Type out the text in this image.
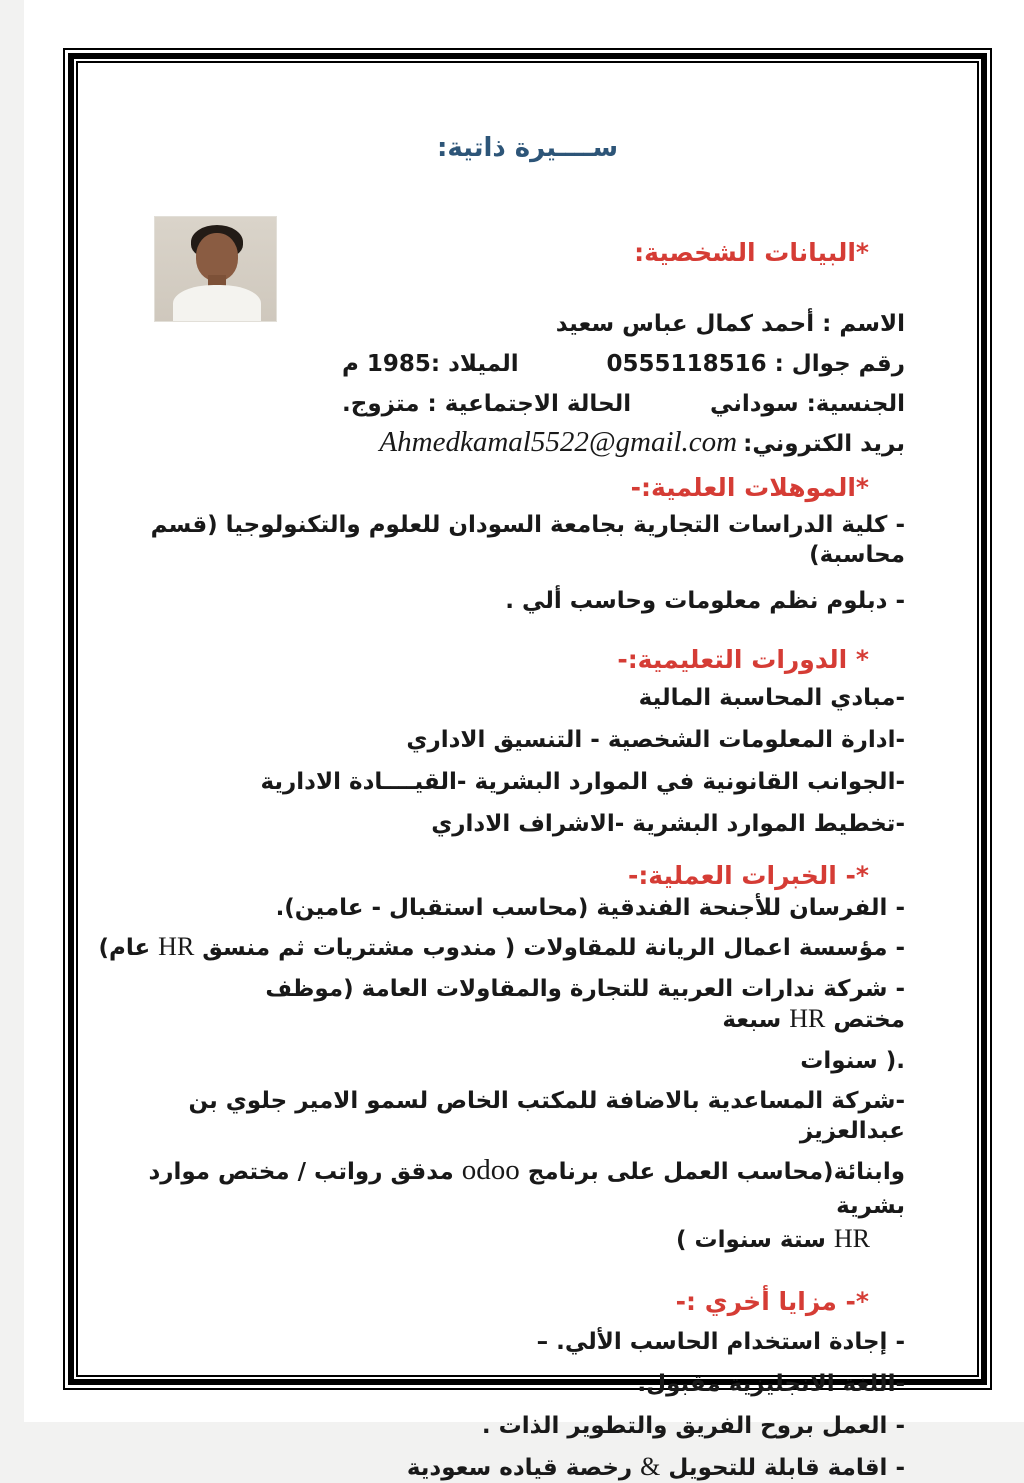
ســــيرة ذاتية:
*البيانات الشخصية:
الاسم : أحمد كمال عباس سعيد
رقم جوال : 0555118516
الميلاد :1985 م
الجنسية: سوداني
الحالة الاجتماعية : متزوج.
بريد الكتروني:Ahmedkamal5522@gmail.com
*الموهلات العلمية:-
- كلية الدراسات التجارية بجامعة السودان للعلوم والتكنولوجيا (قسم محاسبة)
- دبلوم نظم معلومات وحاسب ألي .
* الدورات التعليمية:-
-مبادي المحاسبة المالية
-ادارة المعلومات الشخصية - التنسيق الاداري
-الجوانب القانونية في الموارد البشرية -القيــــادة الادارية
-تخطيط الموارد البشرية -الاشراف الاداري
*- الخبرات العملية:-
- الفرسان للأجنحة الفندقية (محاسب استقبال - عامين).
- مؤسسة اعمال الريانة للمقاولات ( مندوب مشتريات ثم منسقHRعام)
- شركة ندارات العربية للتجارة والمقاولات العامة (موظف مختصHRسبعة
سنوات ).
-شركة المساعدية بالاضافة للمكتب الخاص لسمو الامير جلوي بن عبدالعزيز
وابنائة(محاسب العمل على برنامجodooمدقق رواتب / مختص موارد بشرية
HRستة سنوات )
*- مزايا أخري :-
- إجادة استخدام الحاسب الألي. –
-اللغة الانجليزية مقبول.
- العمل بروح الفريق والتطوير الذات .
- اقامة قابلة للتحويل&رخصة قياده سعودية
